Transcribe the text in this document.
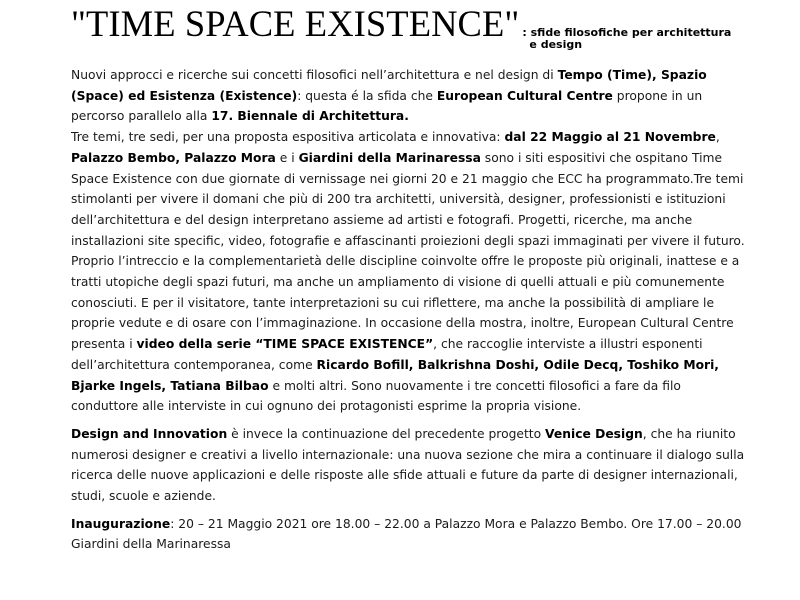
"TIME SPACE EXISTENCE" : sfide filosofiche per architettura
e design

Nuovi approcci e ricerche sui concetti filosofici nell’architettura e nel design di Tempo (Time), Spazio (Space) ed Esistenza (Existence): questa é la sfida che European Cultural Centre propone in un percorso parallelo alla 17. Biennale di Architettura.
Tre temi, tre sedi, per una proposta espositiva articolata e innovativa: dal 22 Maggio al 21 Novembre, Palazzo Bembo, Palazzo Mora e i Giardini della Marinaressa sono i siti espositivi che ospitano Time Space Existence con due giornate di vernissage nei giorni 20 e 21 maggio che ECC ha programmato.Tre temi stimolanti per vivere il domani che più di 200 tra architetti, università, designer, professionisti e istituzioni dell’architettura e del design interpretano assieme ad artisti e fotografi. Progetti, ricerche, ma anche installazioni site specific, video, fotografie e affascinanti proiezioni degli spazi immaginati per vivere il futuro. Proprio l’intreccio e la complementarietà delle discipline coinvolte offre le proposte più originali, inattese e a tratti utopiche degli spazi futuri, ma anche un ampliamento di visione di quelli attuali e più comunemente conosciuti. E per il visitatore, tante interpretazioni su cui riflettere, ma anche la possibilità di ampliare le proprie vedute e di osare con l’immaginazione. In occasione della mostra, inoltre, European Cultural Centre presenta i video della serie “TIME SPACE EXISTENCE”, che raccoglie interviste a illustri esponenti dell’architettura contemporanea, come Ricardo Bofill, Balkrishna Doshi, Odile Decq, Toshiko Mori, Bjarke Ingels, Tatiana Bilbao e molti altri. Sono nuovamente i tre concetti filosofici a fare da filo conduttore alle interviste in cui ognuno dei protagonisti esprime la propria visione.

Design and Innovation è invece la continuazione del precedente progetto Venice Design, che ha riunito numerosi designer e creativi a livello internazionale: una nuova sezione che mira a continuare il dialogo sulla ricerca delle nuove applicazioni e delle risposte alle sfide attuali e future da parte di designer internazionali, studi, scuole e aziende.

Inaugurazione: 20 – 21 Maggio 2021 ore 18.00 – 22.00 a Palazzo Mora e Palazzo Bembo. Ore 17.00 – 20.00 Giardini della Marinaressa
